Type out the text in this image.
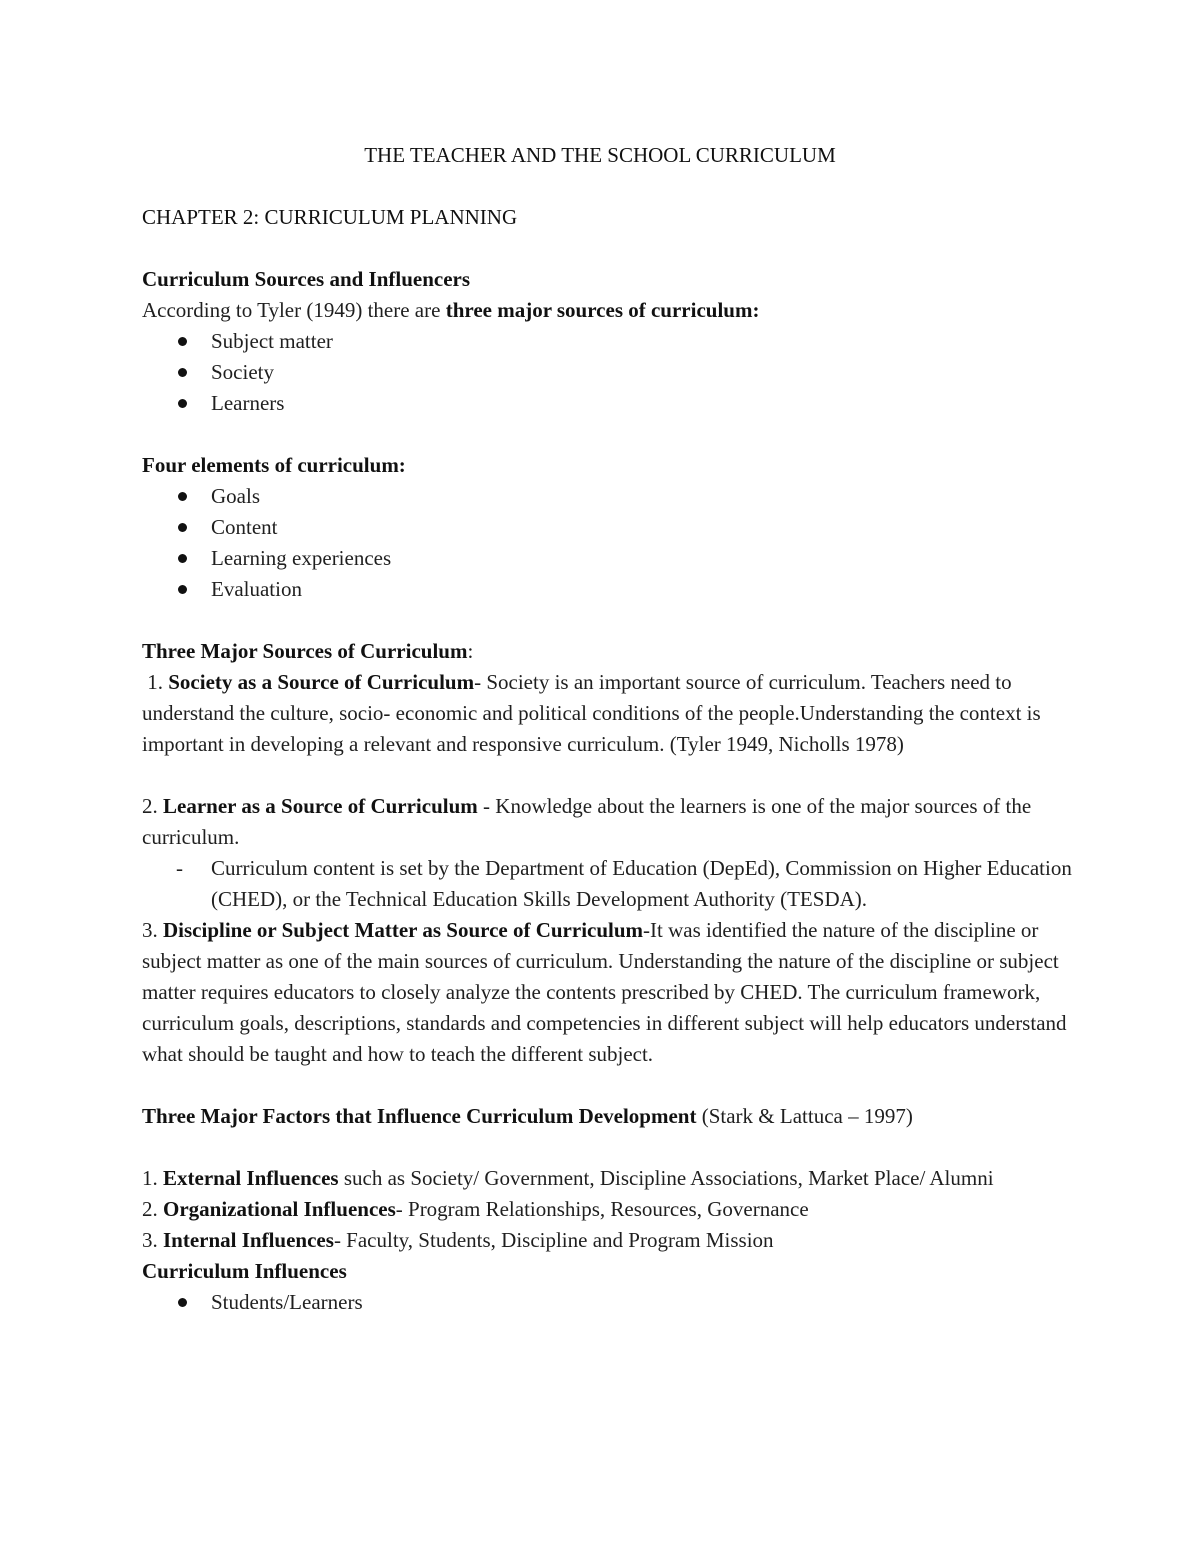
THE TEACHER AND THE SCHOOL CURRICULUM
CHAPTER 2: CURRICULUM PLANNING
Curriculum Sources and Influencers

According to Tyler (1949) there are three major sources of curriculum:

Subject matter
Society
Learners
Four elements of curriculum:
Goals
Content
Learning experiences
Evaluation

Three Major Sources of Curriculum:

1. Society as a Source of Curriculum- Society is an important source of curriculum. Teachers need to understand the culture, socio- economic and political conditions of the people.Understanding the context is important in developing a relevant and responsive curriculum. (Tyler 1949, Nicholls 1978)

2. Learner as a Source of Curriculum - Knowledge about the learners is one of the major sources of the curriculum.

- Curriculum content is set by the Department of Education (DepEd), Commission on Higher Education (CHED), or the Technical Education Skills Development Authority (TESDA).

3. Discipline or Subject Matter as Source of Curriculum-It was identified the nature of the discipline or subject matter as one of the main sources of curriculum. Understanding the nature of the discipline or subject matter requires educators to closely analyze the contents prescribed by CHED. The curriculum framework, curriculum goals, descriptions, standards and competencies in different subject will help educators understand what should be taught and how to teach the different subject.

Three Major Factors that Influence Curriculum Development (Stark & Lattuca – 1997)

1. External Influences such as Society/ Government, Discipline Associations, Market Place/ Alumni

2. Organizational Influences- Program Relationships, Resources, Governance

3. Internal Influences- Faculty, Students, Discipline and Program Mission

Curriculum Influences
Students/Learners
